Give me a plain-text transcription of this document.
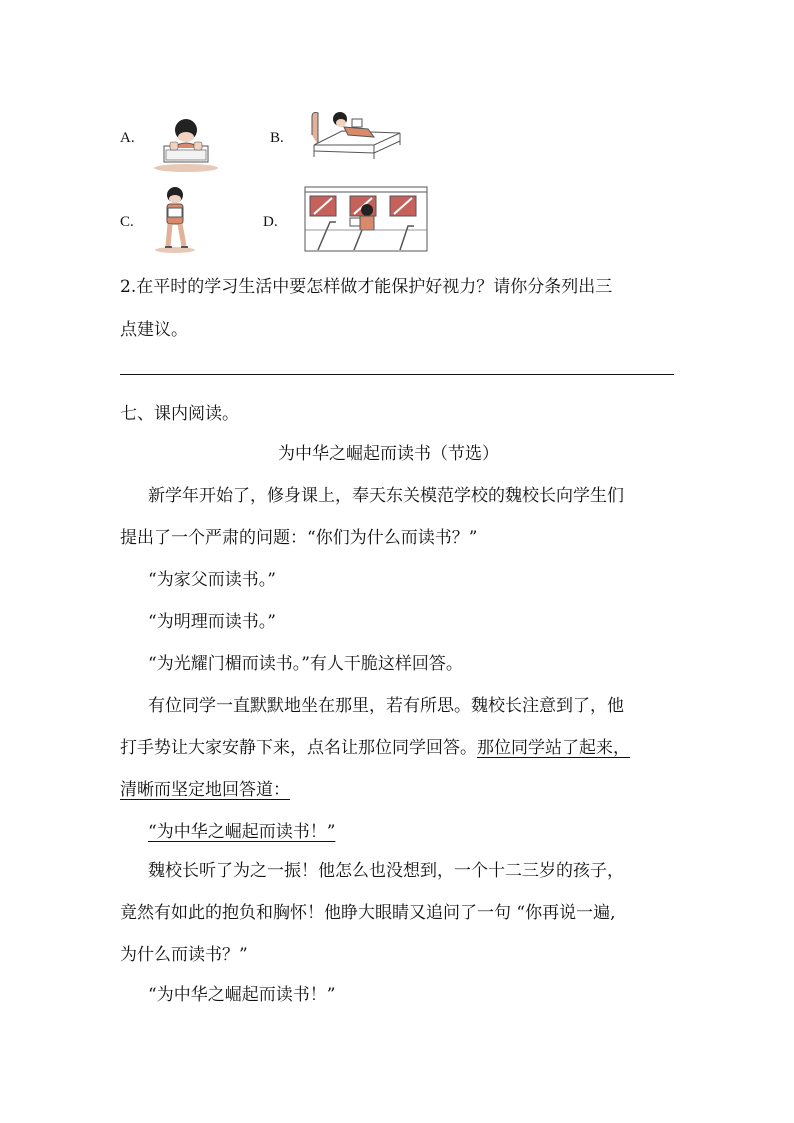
A.	B.
C.	D.
2.在平时的学习生活中要怎样做才能保护好视力？请你分条列出三
点建议。
七、课内阅读。
为中华之崛起而读书（节选）
新学年开始了，修身课上，奉天东关模范学校的魏校长向学生们
提出了一个严肃的问题：“你们为什么而读书？”
“为家父而读书。”
“为明理而读书。”
“为光耀门楣而读书。”有人干脆这样回答。
有位同学一直默默地坐在那里，若有所思。魏校长注意到了，他
打手势让大家安静下来，点名让那位同学回答。那位同学站了起来，
清晰而坚定地回答道：
“为中华之崛起而读书！”
魏校长听了为之一振！他怎么也没想到，一个十二三岁的孩子，
竟然有如此的抱负和胸怀！他睁大眼睛又追问了一句 “你再说一遍,
为什么而读书？”
“为中华之崛起而读书！”
